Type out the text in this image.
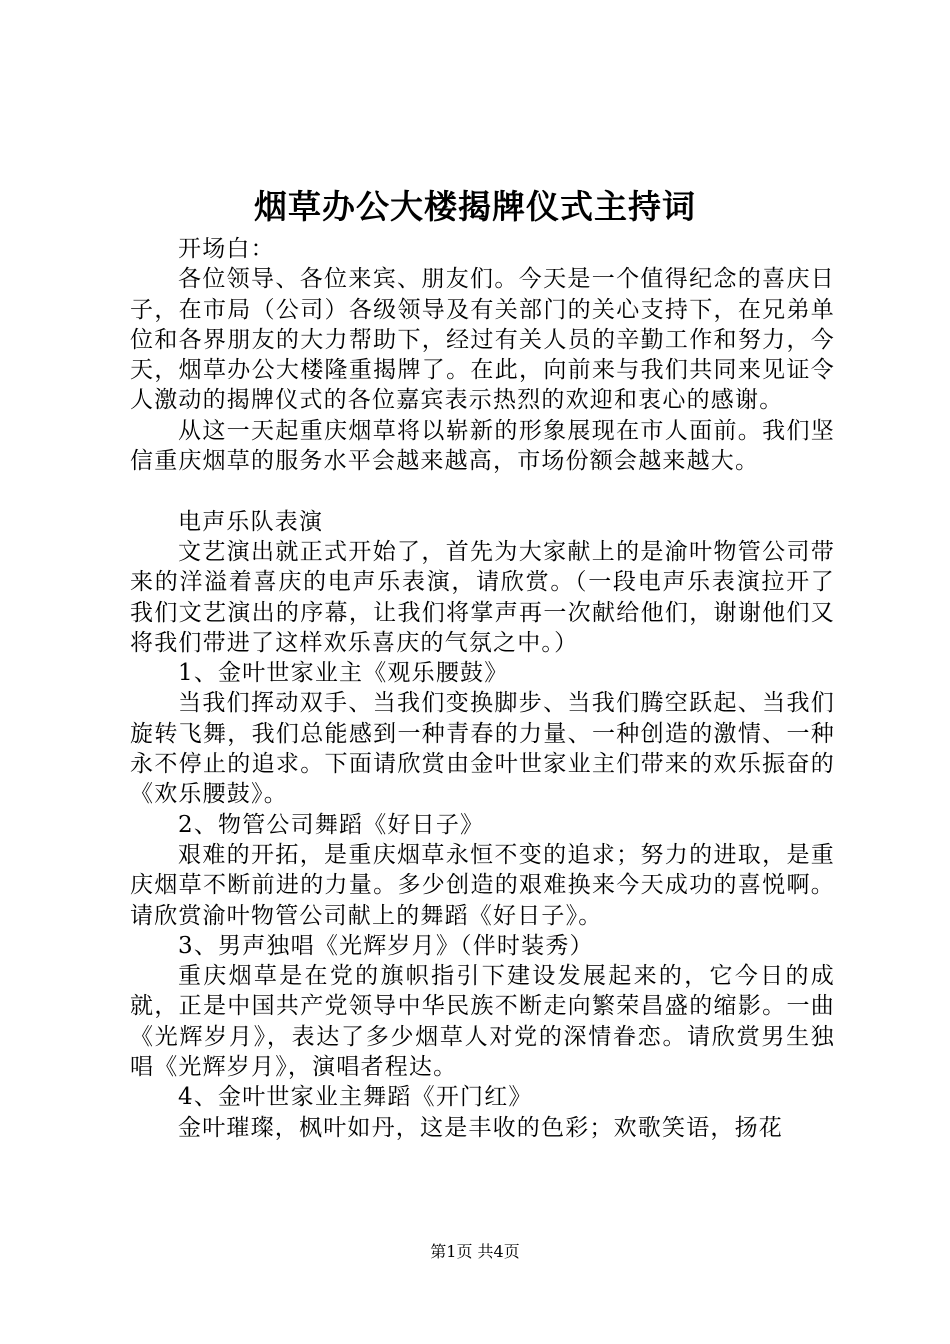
烟草办公大楼揭牌仪式主持词

开场白：

各位领导、各位来宾、朋友们。今天是一个值得纪念的喜庆日子，在市局（公司）各级领导及有关部门的关心支持下，在兄弟单位和各界朋友的大力帮助下，经过有关人员的辛勤工作和努力，今天，烟草办公大楼隆重揭牌了。在此，向前来与我们共同来见证令人激动的揭牌仪式的各位嘉宾表示热烈的欢迎和衷心的感谢。

从这一天起重庆烟草将以崭新的形象展现在市人面前。我们坚信重庆烟草的服务水平会越来越高，市场份额会越来越大。

电声乐队表演

文艺演出就正式开始了，首先为大家献上的是渝叶物管公司带来的洋溢着喜庆的电声乐表演，请欣赏。（一段电声乐表演拉开了我们文艺演出的序幕，让我们将掌声再一次献给他们，谢谢他们又将我们带进了这样欢乐喜庆的气氛之中。）

1、金叶世家业主《观乐腰鼓》

当我们挥动双手、当我们变换脚步、当我们腾空跃起、当我们旋转飞舞，我们总能感到一种青春的力量、一种创造的激情、一种永不停止的追求。下面请欣赏由金叶世家业主们带来的欢乐振奋的《欢乐腰鼓》。

2、物管公司舞蹈《好日子》

艰难的开拓，是重庆烟草永恒不变的追求；努力的进取，是重庆烟草不断前进的力量。多少创造的艰难换来今天成功的喜悦啊。请欣赏渝叶物管公司献上的舞蹈《好日子》。

3、男声独唱《光辉岁月》（伴时装秀）

重庆烟草是在党的旗帜指引下建设发展起来的，它今日的成就，正是中国共产党领导中华民族不断走向繁荣昌盛的缩影。一曲《光辉岁月》，表达了多少烟草人对党的深情眷恋。请欣赏男生独唱《光辉岁月》，演唱者程达。

4、金叶世家业主舞蹈《开门红》

金叶璀璨，枫叶如丹，这是丰收的色彩；欢歌笑语，扬花

第1页 共4页
